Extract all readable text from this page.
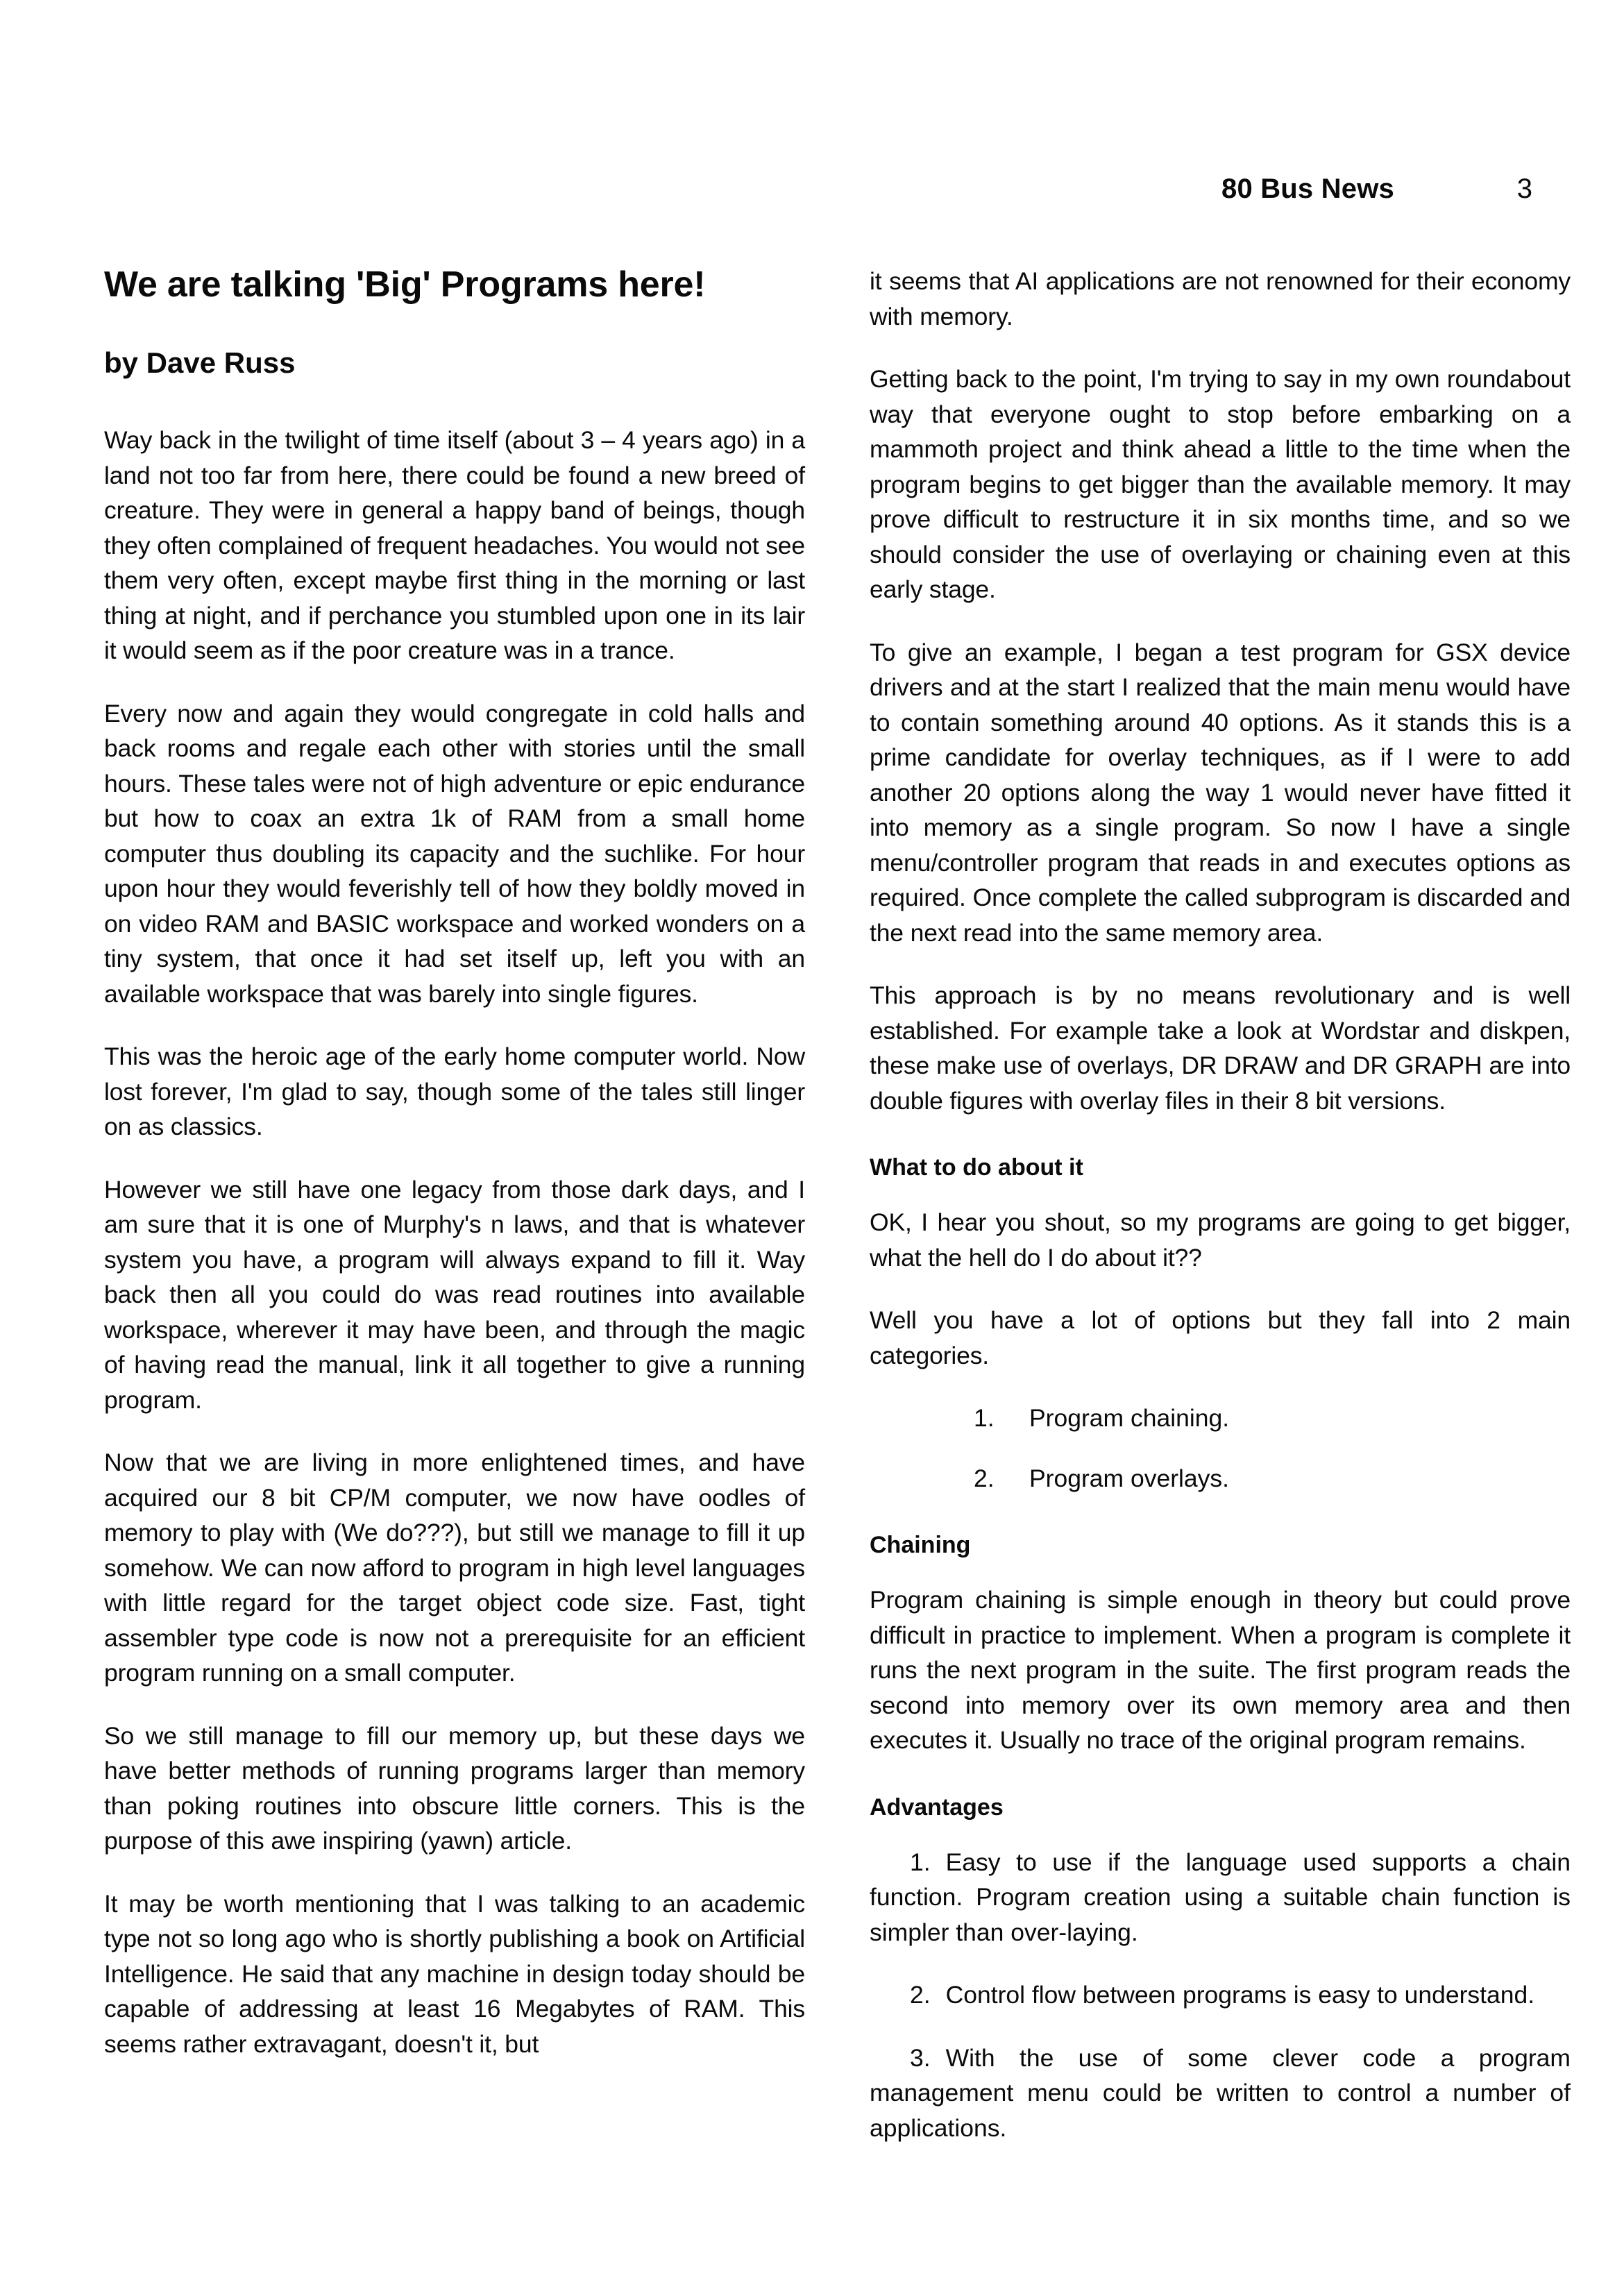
80 Bus News	3
We are talking 'Big' Programs here!
by Dave Russ

Way back in the twilight of time itself (about 3 – 4 years ago) in a land not too far from here, there could be found a new breed of creature. They were in general a happy band of beings, though they often complained of frequent headaches. You would not see them very often, except maybe first thing in the morning or last thing at night, and if perchance you stumbled upon one in its lair it would seem as if the poor creature was in a trance.

Every now and again they would congregate in cold halls and back rooms and regale each other with stories until the small hours. These tales were not of high adventure or epic endurance but how to coax an extra 1k of RAM from a small home computer thus doubling its capacity and the suchlike. For hour upon hour they would feverishly tell of how they boldly moved in on video RAM and BASIC workspace and worked wonders on a tiny system, that once it had set itself up, left you with an available workspace that was barely into single figures.

This was the heroic age of the early home computer world. Now lost forever, I'm glad to say, though some of the tales still linger on as classics.

However we still have one legacy from those dark days, and I am sure that it is one of Murphy's n laws, and that is whatever system you have, a program will always expand to fill it. Way back then all you could do was read routines into available workspace, wherever it may have been, and through the magic of having read the manual, link it all together to give a running program.

Now that we are living in more enlightened times, and have acquired our 8 bit CP/M computer, we now have oodles of memory to play with (We do???), but still we manage to fill it up somehow. We can now afford to program in high level languages with little regard for the target object code size. Fast, tight assembler type code is now not a prerequisite for an efficient program running on a small computer.

So we still manage to fill our memory up, but these days we have better methods of running programs larger than memory than poking routines into obscure little corners. This is the purpose of this awe inspiring (yawn) article.

It may be worth mentioning that I was talking to an academic type not so long ago who is shortly publishing a book on Artificial Intelligence. He said that any machine in design today should be capable of addressing at least 16 Megabytes of RAM. This seems rather extravagant, doesn't it, but

it seems that AI applications are not renowned for their economy with memory.

Getting back to the point, I'm trying to say in my own roundabout way that everyone ought to stop before embarking on a mammoth project and think ahead a little to the time when the program begins to get bigger than the available memory. It may prove difficult to restructure it in six months time, and so we should consider the use of overlaying or chaining even at this early stage.

To give an example, I began a test program for GSX device drivers and at the start I realized that the main menu would have to contain something around 40 options. As it stands this is a prime candidate for overlay techniques, as if I were to add another 20 options along the way 1 would never have fitted it into memory as a single program. So now I have a single menu/controller program that reads in and executes options as required. Once complete the called subprogram is discarded and the next read into the same memory area.

This approach is by no means revolutionary and is well established. For example take a look at Wordstar and diskpen, these make use of overlays, DR DRAW and DR GRAPH are into double figures with overlay files in their 8 bit versions.

What to do about it

OK, I hear you shout, so my programs are going to get bigger, what the hell do I do about it??

Well you have a lot of options but they fall into 2 main categories.

1. Program chaining.
2. Program overlays.
Chaining

Program chaining is simple enough in theory but could prove difficult in practice to implement. When a program is complete it runs the next program in the suite. The first program reads the second into memory over its own memory area and then executes it. Usually no trace of the original program remains.

Advantages
1. Easy to use if the language used supports a chain function. Program creation using a suitable chain function is simpler than over-laying.
2. Control flow between programs is easy to understand.
3. With the use of some clever code a program management menu could be written to control a number of applications.
